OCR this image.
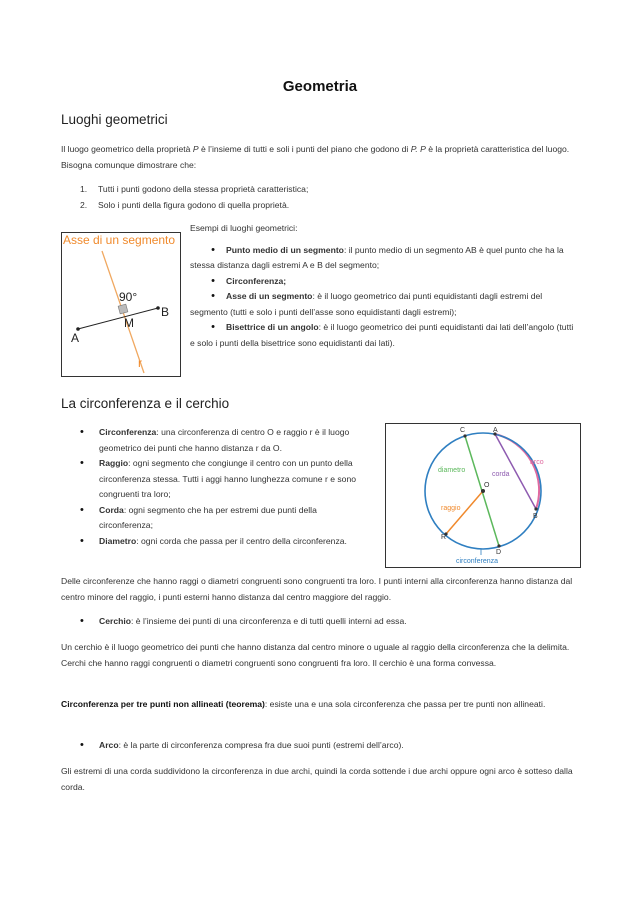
Geometria
Luoghi geometrici
Il luogo geometrico della proprietà P è l’insieme di tutti e soli i punti del piano che godono di P. P è la proprietà caratteristica del luogo. Bisogna comunque dimostrare che:
1. Tutti i punti godono della stessa proprietà caratteristica;
2. Solo i punti della figura godono di quella proprietà.
Asse di un segmento
90°
A
B
M
r
Esempi di luoghi geometrici:
• Punto medio di un segmento: il punto medio di un segmento AB è quel punto che ha la stessa distanza dagli estremi A e B del segmento;
• Circonferenza;
• Asse di un segmento: è il luogo geometrico dai punti equidistanti dagli estremi del segmento (tutti e solo i punti dell’asse sono equidistanti dagli estremi);
• Bisettrice di un angolo: è il luogo geometrico dei punti equidistanti dai lati dell’angolo (tutti e solo i punti della bisettrice sono equidistanti dai lati).
La circonferenza e il cerchio
• Circonferenza: una circonferenza di centro O e raggio r è il luogo geometrico dei punti che hanno distanza r da O.
• Raggio: ogni segmento che congiunge il centro con un punto della circonferenza stessa. Tutti i aggi hanno lunghezza comune r e sono congruenti tra loro;
• Corda: ogni segmento che ha per estremi due punti della circonferenza;
• Diametro: ogni corda che passa per il centro della circonferenza.
C	A
O
B
R
D
diametro
corda
arco
raggio
circonferenza
Delle circonferenze che hanno raggi o diametri congruenti sono congruenti tra loro. I punti interni alla circonferenza hanno distanza dal centro minore del raggio, i punti esterni hanno distanza dal centro maggiore del raggio.
• Cerchio: è l’insieme dei punti di una circonferenza e di tutti quelli interni ad essa.
Un cerchio è il luogo geometrico dei punti che hanno distanza dal centro minore o uguale al raggio della circonferenza che la delimita. Cerchi che hanno raggi congruenti o diametri congruenti sono congruenti fra loro. Il cerchio è una forma convessa.
Circonferenza per tre punti non allineati (teorema): esiste una e una sola circonferenza che passa per tre punti non allineati.
• Arco: è la parte di circonferenza compresa fra due suoi punti (estremi dell’arco).
Gli estremi di una corda suddividono la circonferenza in due archi, quindi la corda sottende i due archi oppure ogni arco è sotteso dalla corda.
